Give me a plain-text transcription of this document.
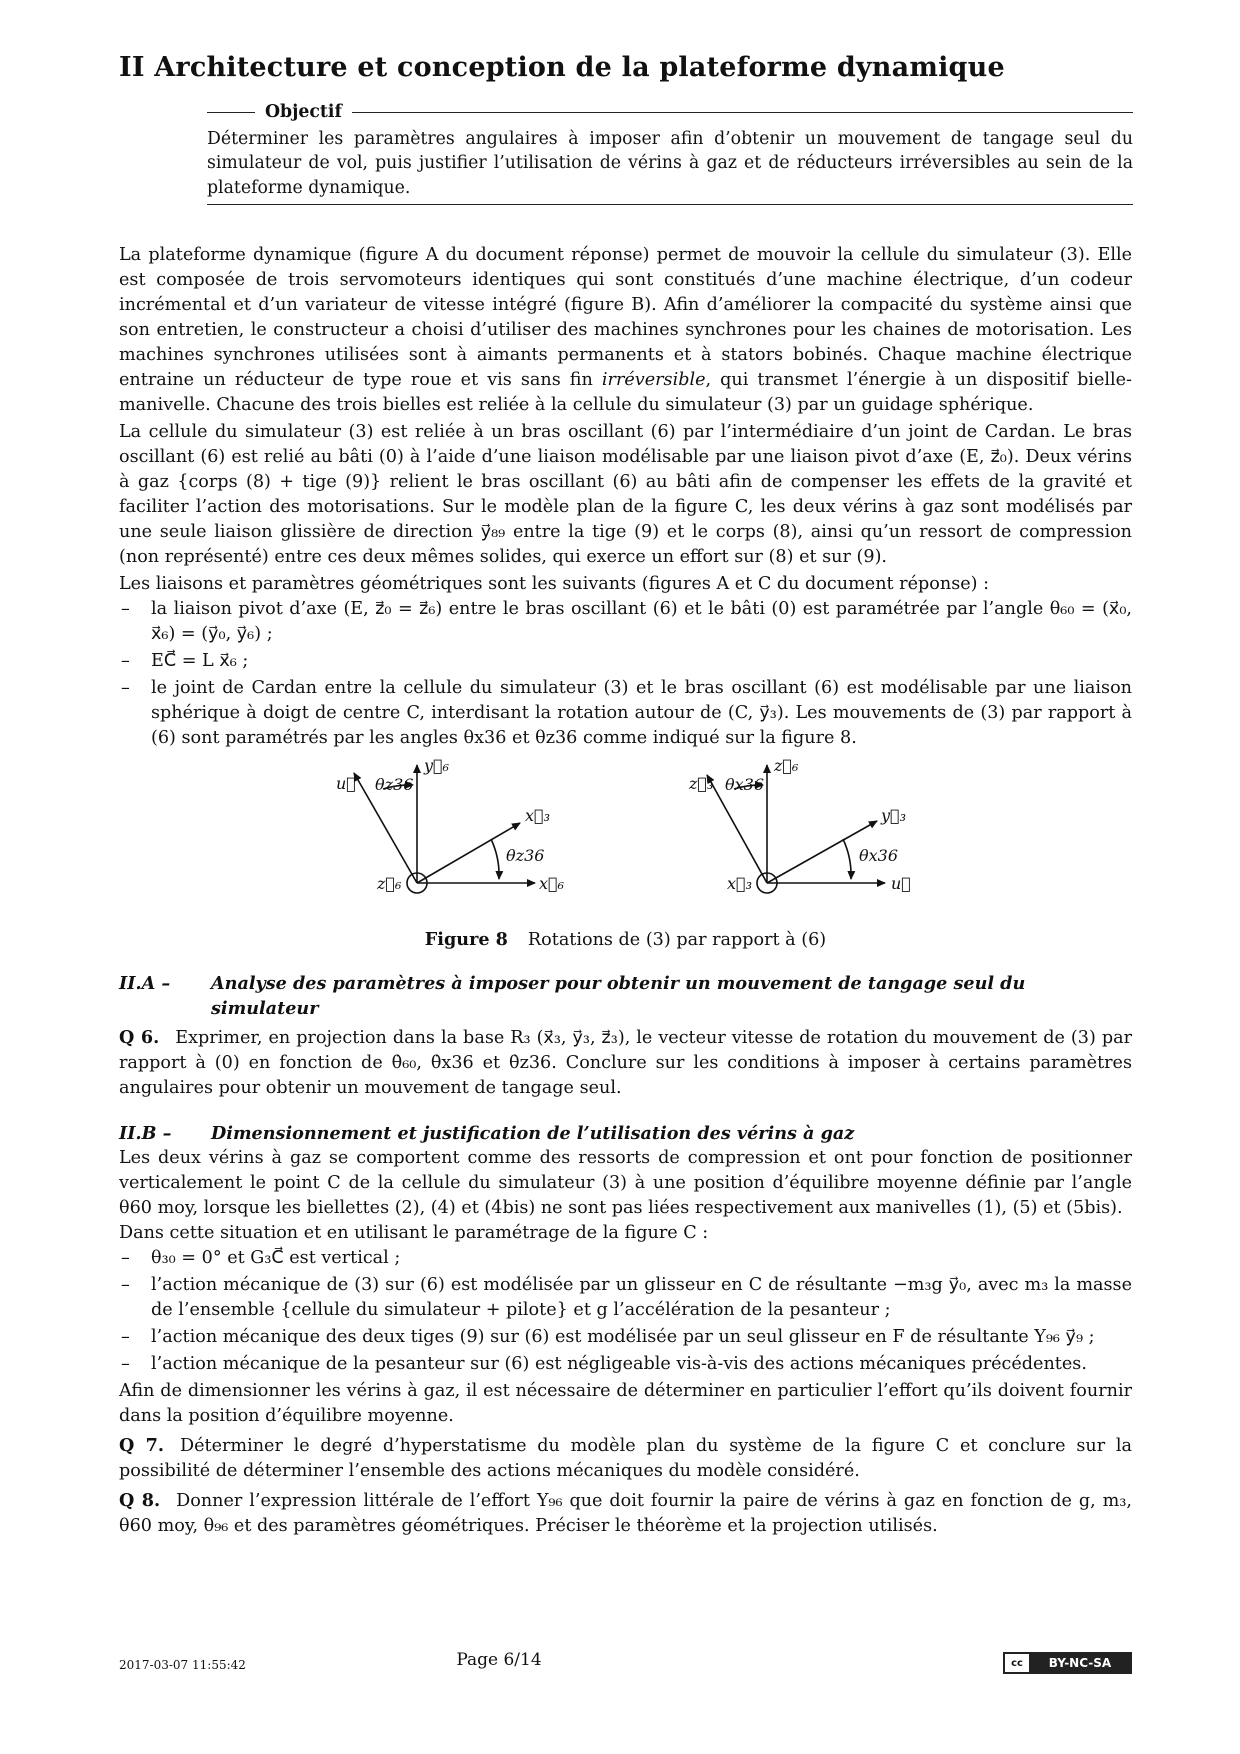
II Architecture et conception de la plateforme dynamique
Objectif
Déterminer les paramètres angulaires à imposer afin d’obtenir un mouvement de tangage seul du simulateur de vol, puis justifier l’utilisation de vérins à gaz et de réducteurs irréversibles au sein de la plateforme dynamique.

La plateforme dynamique (figure A du document réponse) permet de mouvoir la cellule du simulateur (3). Elle est composée de trois servomoteurs identiques qui sont constitués d’une machine électrique, d’un codeur incrémental et d’un variateur de vitesse intégré (figure B). Afin d’améliorer la compacité du système ainsi que son entretien, le constructeur a choisi d’utiliser des machines synchrones pour les chaines de motorisation. Les machines synchrones utilisées sont à aimants permanents et à stators bobinés. Chaque machine électrique entraine un réducteur de type roue et vis sans fin irréversible, qui transmet l’énergie à un dispositif bielle-manivelle. Chacune des trois bielles est reliée à la cellule du simulateur (3) par un guidage sphérique.

La cellule du simulateur (3) est reliée à un bras oscillant (6) par l’intermédiaire d’un joint de Cardan. Le bras oscillant (6) est relié au bâti (0) à l’aide d’une liaison modélisable par une liaison pivot d’axe (E, z⃗₀). Deux vérins à gaz {corps (8) + tige (9)} relient le bras oscillant (6) au bâti afin de compenser les effets de la gravité et faciliter l’action des motorisations. Sur le modèle plan de la figure C, les deux vérins à gaz sont modélisés par une seule liaison glissière de direction y⃗₈₉ entre la tige (9) et le corps (8), ainsi qu’un ressort de compression (non représenté) entre ces deux mêmes solides, qui exerce un effort sur (8) et sur (9).

Les liaisons et paramètres géométriques sont les suivants (figures A et C du document réponse) :

– la liaison pivot d’axe (E, z⃗₀ = z⃗₆) entre le bras oscillant (6) et le bâti (0) est paramétrée par l’angle θ₆₀ = (x⃗₀, x⃗₆) = (y⃗₀, y⃗₆) ;
– EC⃗ = L x⃗₆ ;
– le joint de Cardan entre la cellule du simulateur (3) et le bras oscillant (6) est modélisable par une liaison sphérique à doigt de centre C, interdisant la rotation autour de (C, y⃗₃). Les mouvements de (3) par rapport à (6) sont paramétrés par les angles θx36 et θz36 comme indiqué sur la figure 8.
u⃗
y⃗₆
θz36
x⃗₃
θz36
z⃗₆	x⃗₆
z⃗₃
z⃗₆
θx36
y⃗₃
θx36
x⃗₃	u⃗
Figure 8 Rotations de (3) par rapport à (6)
II.A –	Analyse des paramètres à imposer pour obtenir un mouvement de tangage seul du simulateur

Q 6. Exprimer, en projection dans la base R₃ (x⃗₃, y⃗₃, z⃗₃), le vecteur vitesse de rotation du mouvement de (3) par rapport à (0) en fonction de θ̇₆₀, θ̇x36 et θ̇z36. Conclure sur les conditions à imposer à certains paramètres angulaires pour obtenir un mouvement de tangage seul.

II.B –	Dimensionnement et justification de l’utilisation des vérins à gaz

Les deux vérins à gaz se comportent comme des ressorts de compression et ont pour fonction de positionner verticalement le point C de la cellule du simulateur (3) à une position d’équilibre moyenne définie par l’angle θ60 moy, lorsque les biellettes (2), (4) et (4bis) ne sont pas liées respectivement aux manivelles (1), (5) et (5bis).

Dans cette situation et en utilisant le paramétrage de la figure C :

– θ₃₀ = 0° et G₃C⃗ est vertical ;
– l’action mécanique de (3) sur (6) est modélisée par un glisseur en C de résultante −m₃g y⃗₀, avec m₃ la masse de l’ensemble {cellule du simulateur + pilote} et g l’accélération de la pesanteur ;
– l’action mécanique des deux tiges (9) sur (6) est modélisée par un seul glisseur en F de résultante Y₉₆ y⃗₉ ;
– l’action mécanique de la pesanteur sur (6) est négligeable vis-à-vis des actions mécaniques précédentes.

Afin de dimensionner les vérins à gaz, il est nécessaire de déterminer en particulier l’effort qu’ils doivent fournir dans la position d’équilibre moyenne.

Q 7. Déterminer le degré d’hyperstatisme du modèle plan du système de la figure C et conclure sur la possibilité de déterminer l’ensemble des actions mécaniques du modèle considéré.

Q 8. Donner l’expression littérale de l’effort Y₉₆ que doit fournir la paire de vérins à gaz en fonction de g, m₃, θ60 moy, θ₉₆ et des paramètres géométriques. Préciser le théorème et la projection utilisés.

2017-03-07 11:55:42	Page 6/14	cc	BY-NC-SA
